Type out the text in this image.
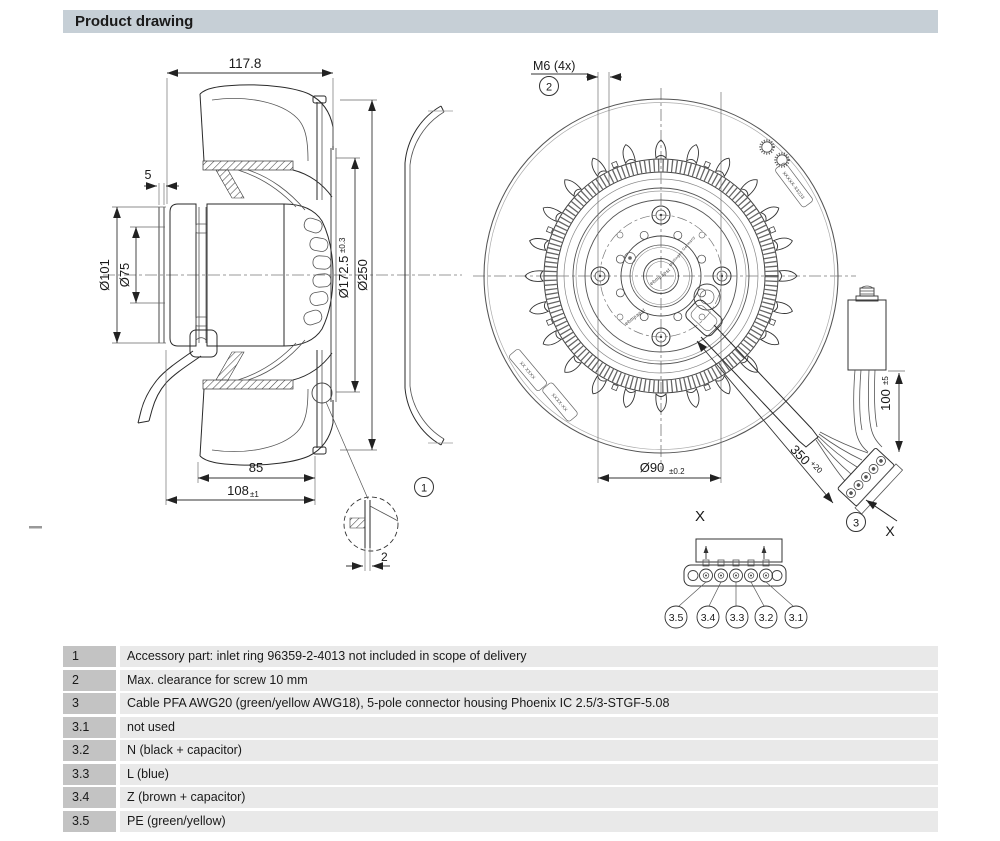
Product drawing
117.8
5
Ø101 Ø75	Ø172.5
±0.3
Ø250
85
108 ±1
2
1
ebmpapst
ebmpapst
Mulfingen Germany
XXXXX-X3233
XX XXXX
XXXX-XX
M6 (4x)
2
Ø90 ±0.2
100
±5
350
+20
X
3
X
3.5 3.4 3.3 3.2 3.1
1	Accessory part: inlet ring 96359-2-4013 not included in scope of delivery
2	Max. clearance for screw 10 mm
3	Cable PFA AWG20 (green/yellow AWG18), 5-pole connector housing Phoenix IC 2.5/3-STGF-5.08
3.1	not used
3.2	N (black + capacitor)
3.3	L (blue)
3.4	Z (brown + capacitor)
3.5	PE (green/yellow)
